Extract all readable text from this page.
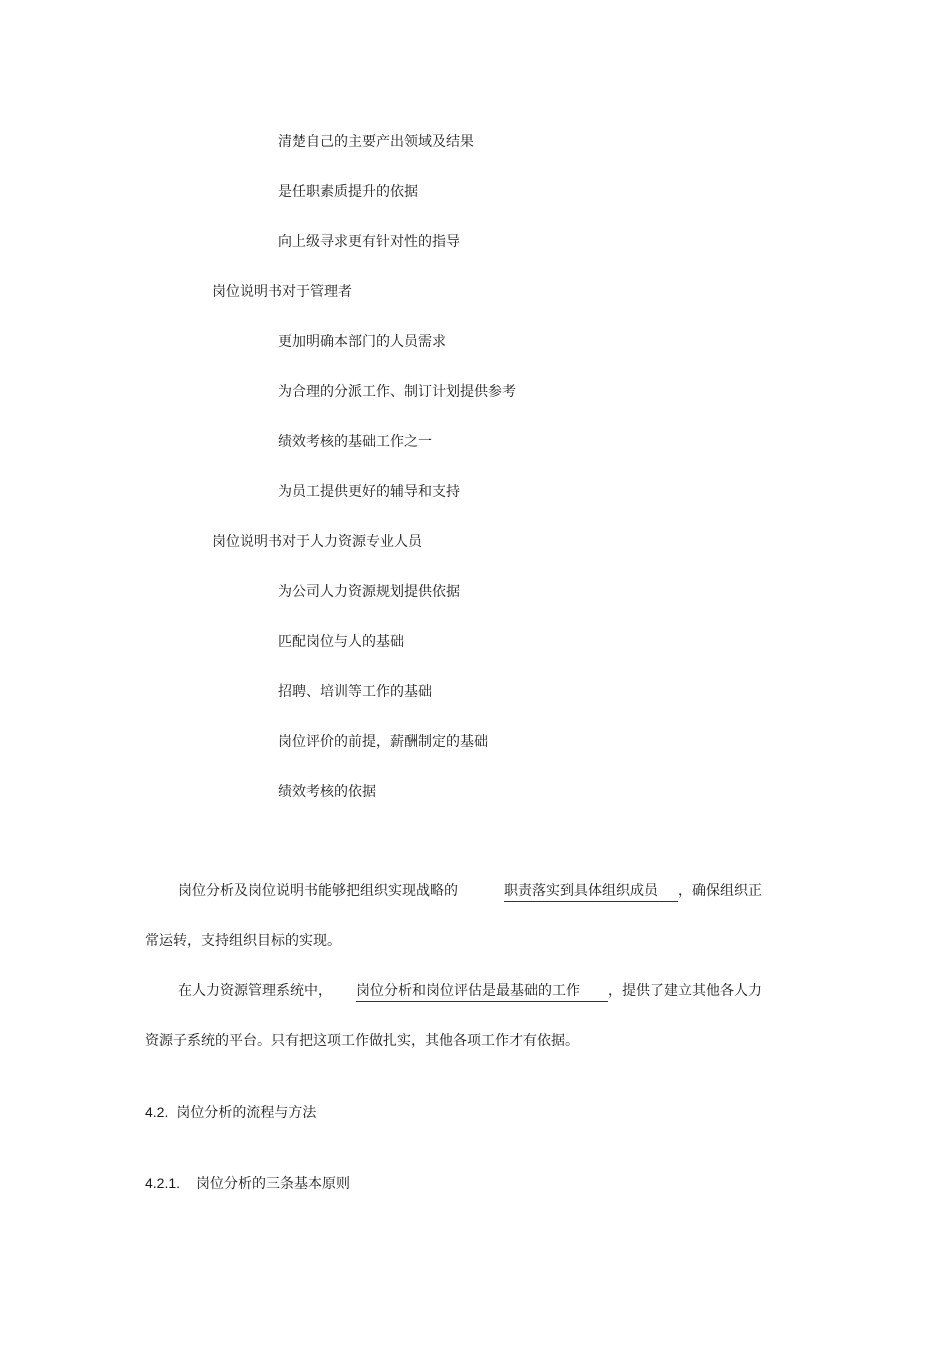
清楚自己的主要产出领域及结果
是任职素质提升的依据
向上级寻求更有针对性的指导
岗位说明书对于管理者
更加明确本部门的人员需求
为合理的分派工作、制订计划提供参考
绩效考核的基础工作之一
为员工提供更好的辅导和支持
岗位说明书对于人力资源专业人员
为公司人力资源规划提供依据
匹配岗位与人的基础
招聘、培训等工作的基础
岗位评价的前提，薪酬制定的基础
绩效考核的依据
岗位分析及岗位说明书能够把组织实现战略的	职责落实到具体组织成员 ，确保组织正
常运转，支持组织目标的实现。
在人力资源管理系统中， 岗位分析和岗位评估是最基础的工作 ，提供了建立其他各人力
资源子系统的平台。只有把这项工作做扎实，其他各项工作才有依据。
4.2. 岗位分析的流程与方法
4.2.1. 岗位分析的三条基本原则
